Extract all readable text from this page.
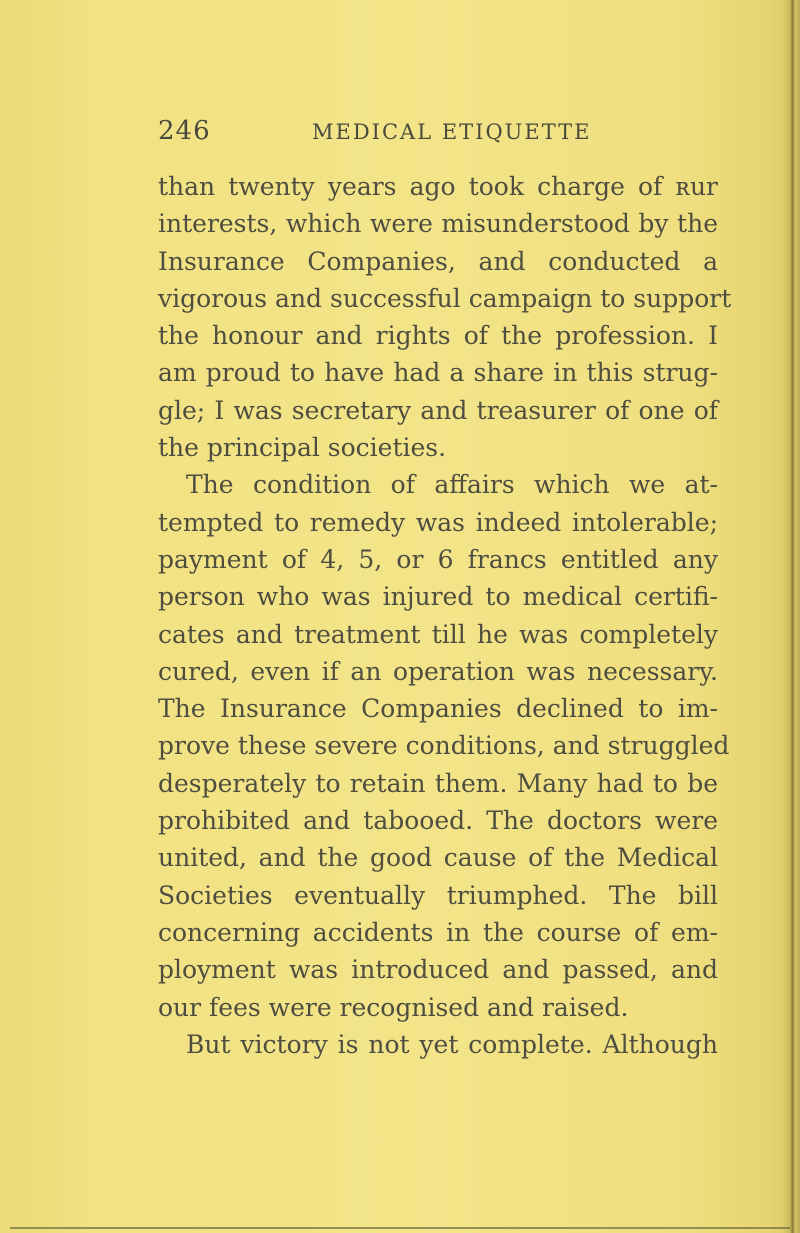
246	MEDICAL ETIQUETTE
than twenty years ago took charge of ʀur
interests, which were misunderstood by the
Insurance Companies, and conducted a
vigorous and successful campaign to support
the honour and rights of the profession. I
am proud to have had a share in this strug-
gle; I was secretary and treasurer of one of
the principal societies.
The condition of affairs which we at-
tempted to remedy was indeed intolerable;
payment of 4, 5, or 6 francs entitled any
person who was injured to medical certifi-
cates and treatment till he was completely
cured, even if an operation was necessary.
The Insurance Companies declined to im-
prove these severe conditions, and struggled
desperately to retain them. Many had to be
prohibited and tabooed. The doctors were
united, and the good cause of the Medical
Societies eventually triumphed. The bill
concerning accidents in the course of em-
ployment was introduced and passed, and
our fees were recognised and raised.
But victory is not yet complete. Although
